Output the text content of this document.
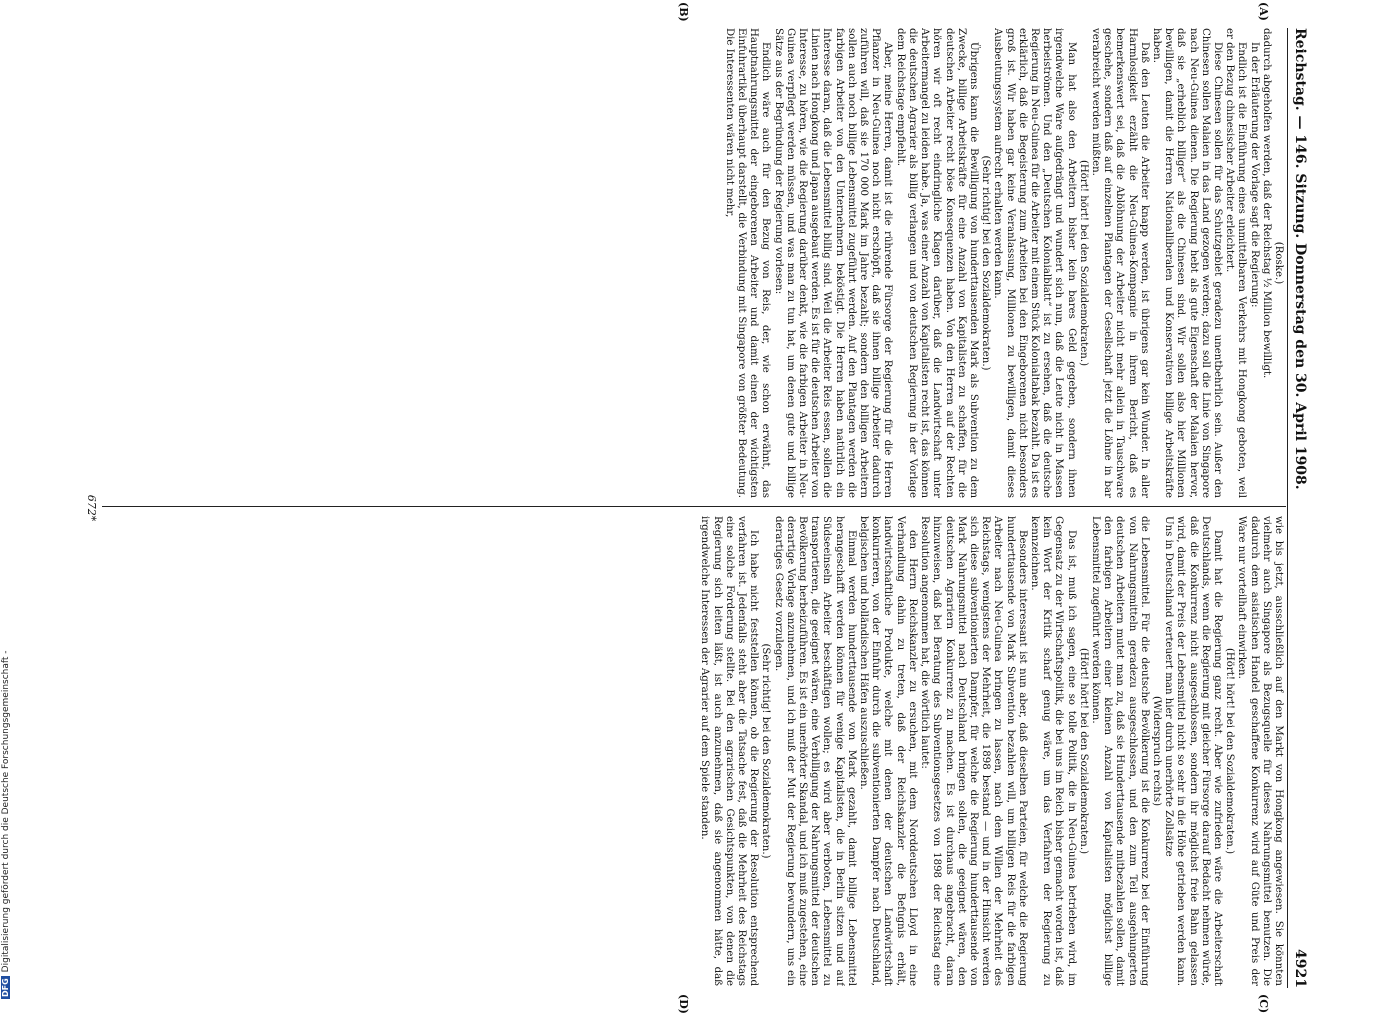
Reichstag. — 146. Sitzung. Donnerstag den 30. April 1908.
4921
(A)
(B)
(C)
(D)

(Roske.)

dadurch abgeholfen werden, daß der Reichstag ½ Million bewilligt.

In der Erläuterung der Vorlage sagt die Regierung:

Endlich ist die Einführung eines unmittelbaren Verkehrs mit Hongkong geboten, weil er den Bezug chinesischer Arbeiter erleichtert.

Diese Chinesen sollen für das Schutzgebiet geradezu unentbehrlich sein. Außer den Chinesen sollen Malaien in das Land gezogen werden; dazu soll die Linie von Singapore nach Neu-Guinea dienen. Die Regierung hebt als gute Eigenschaft der Malaien hervor, daß sie „erheblich billiger“ als die Chinesen sind. Wir sollen also hier Millionen bewilligen, damit die Herren Nationalliberalen und Konservativen billige Arbeitskräfte haben.

Daß den Leuten die Arbeiter knapp werden, ist übrigens gar kein Wunder. In aller Harmlosigkeit erzählt die Neu-Guinea-Kompagnie in ihrem Bericht, daß es bemerkenswert sei, daß die Ablöhnung der Arbeiter nicht mehr allein in Tauschware geschehe, sondern daß auf einzelnen Plantagen der Gesellschaft jetzt die Löhne in bar verabreicht werden müßten.

(Hört! hört! bei den Sozialdemokraten.)

Man hat also den Arbeitern bisher kein bares Geld gegeben, sondern ihnen irgendwelche Ware aufgedrängt und wundert sich nun, daß die Leute nicht in Massen herbeiströmen. Und den „Deutschen Kolonialblatt“ ist zu ersehen, daß die deutsche Regierung in Neu-Guinea für die Arbeiter mit einem Stück Kolonialtabak bezahlt. Da ist es erklärlich, daß die Begeisterung zum Arbeiten bei den Eingeborenen nicht besonders groß ist. Wir haben gar keine Veranlassung, Millionen zu bewilligen, damit dieses Ausbeutungssystem aufrecht erhalten werden kann.

(Sehr richtig! bei den Sozialdemokraten.)

Übrigens kann die Bewilligung von hunderttausenden Mark als Subvention zu dem Zwecke, billige Arbeitskräfte für eine Anzahl von Kapitalisten zu schaffen, für die deutschen Arbeiter recht böse Konsequenzen haben. Von den Herren auf der Rechten hören wir oft recht eindringliche Klagen darüber, daß die Landwirtschaft unter Arbeitermangel zu leiden habe. Ja, was einer Anzahl von Kapitalisten recht ist, das können die deutschen Agrarier als billig verlangen und von deutschen Regierung in der Vorlage dem Reichstage empfiehlt.

Aber, meine Herren, damit ist die rührende Fürsorge der Regierung für die Herren Pflanzer in Neu-Guinea noch nicht erschöpft, daß sie ihnen billige Arbeiter dadurch zuführen will, daß sie 170 000 Mark im Jahre bezahlt; sondern den billigen Arbeitern sollen auch noch billige Lebensmittel zugeführt werden. Auf den Plantagen werden die farbigen Arbeiter von den Unternehmern beköstigt. Die Herren haben natürlich ein Interesse daran, daß die Lebensmittel billig sind. Weil die Arbeiter Reis essen, sollen die Linien nach Hongkong und Japan ausgebaut werden. Es ist für die deutschen Arbeiter von Interesse, zu hören, wie die Regierung darüber denkt, wie die farbigen Arbeiter in Neu-Guinea verpflegt werden müssen, und was man zu tun hat, um denen gute und billige Sätze aus der Begründung der Regierung vorlesen:

Endlich wäre auch für den Bezug von Reis, der, wie schon erwähnt, das Hauptnahrungsmittel der eingeborenen Arbeiter und damit einen der wichtigsten Einfuhrartikel überhaupt darstellt, die Verbindung mit Singapore von größter Bedeutung. Die Interessenten wären nicht mehr,

wie bis jetzt, ausschließlich auf den Markt von Hongkong angewiesen. Sie könnten vielmehr auch Singapore als Bezugsquelle für dieses Nahrungsmittel benutzen. Die dadurch dem asiatischen Handel geschaffene Konkurrenz wird auf Güte und Preis der Ware nur vorteilhaft einwirken.

(Hört! hört! bei den Sozialdemokraten.)

Damit hat die Regierung ganz recht. Aber wie zufrieden wäre die Arbeiterschaft Deutschlands, wenn die Regierung mit gleicher Fürsorge darauf Bedacht nehmen würde, daß die Konkurrenz nicht ausgeschlossen, sondern ihr möglichst freie Bahn gelassen wird, damit der Preis der Lebensmittel nicht so sehr in die Höhe getrieben werden kann. Uns in Deutschland verteuert man hier durch unerhörte Zollsätze

(Widerspruch rechts)

die Lebensmittel. Für die deutsche Bevölkerung ist die Konkurrenz bei der Einführung von Nahrungsmitteln geradezu ausgeschlossen, und den zum Teil ausgehungerten deutschen Arbeitern mutet man zu, daß sie Hunderttausende mitbezahlen sollen, damit den farbigen Arbeitern einer kleinen Anzahl von Kapitalisten möglichst billige Lebensmittel zugeführt werden können.

(Hört! hört! bei den Sozialdemokraten.)

Das ist, muß ich sagen, eine so tolle Politik, die in Neu-Guinea betrieben wird, im Gegensatz zu der Wirtschaftspolitik, die bei uns im Reich bisher gemacht worden ist, daß kein Wort der Kritik scharf genug wäre, um das Verfahren der Regierung zu kennzeichnen.

Besonders interessant ist nun aber, daß dieselben Parteien, für welche die Regierung hunderttausende von Mark Subvention bezahlen will, um billigen Reis für die farbigen Arbeiter nach Neu-Guinea bringen zu lassen, nach dem Willen der Mehrheit des Reichstags, wenigstens der Mehrheit, die 1898 bestand — und in der Hinsicht werden sich diese subventionierten Dampfer, für welche die Regierung hunderttausende von Mark Nahrungsmittel nach Deutschland bringen sollen, die geeignet wären, den deutschen Agrariern Konkurrenz zu machen. Es ist durchaus angebracht, daran hinzuweisen, daß bei Beratung des Subventionsgesetzes von 1898 der Reichstag eine Resolution angenommen hat, die wörtlich lautet:

den Herrn Reichskanzler zu ersuchen, mit dem Norddeutschen Lloyd in eine Verhandlung dahin zu treten, daß der Reichskanzler die Befugnis erhält, landwirtschaftliche Produkte, welche mit denen der deutschen Landwirtschaft konkurrieren, von der Einfuhr durch die subventionierten Dampfer nach Deutschland, belgischen und holländischen Häfen auszuschließen.

Einmal werden hunderttausende von Mark gezahlt, damit billige Lebensmittel herangeschafft werden können für wenige Kapitalisten, die in Berlin sitzen und auf Südseeinseln Arbeiter beschäftigen wollen; es wird aber verboten, Lebensmittel zu transportieren, die geeignet wären, eine Verbilligung der Nahrungsmittel der deutschen Bevölkerung herbeizuführen. Es ist ein unerhörter Skandal, und ich muß zugestehen, eine derartige Vorlage anzunehmen, und ich muß der Mut der Regierung bewundern, uns ein derartiges Gesetz vorzulegen.

(Sehr richtig! bei den Sozialdemokraten.)

Ich habe nicht feststellen können, ob die Regierung der Resolution entsprechend verfahren ist. Jedenfalls steht aber die Tatsache fest, daß die Mehrheit des Reichstags eine solche Forderung stellte. Bei den agrarischen Gesichtspunkten, von denen die Regierung sich leiten läßt, ist auch anzunehmen, daß sie angenommen hätte, daß irgendwelche Interessen der Agrarier auf dem Spiele standen.

672*
DFGDigitalisierung gefördert durch die Deutsche Forschungsgemeinschaft -
